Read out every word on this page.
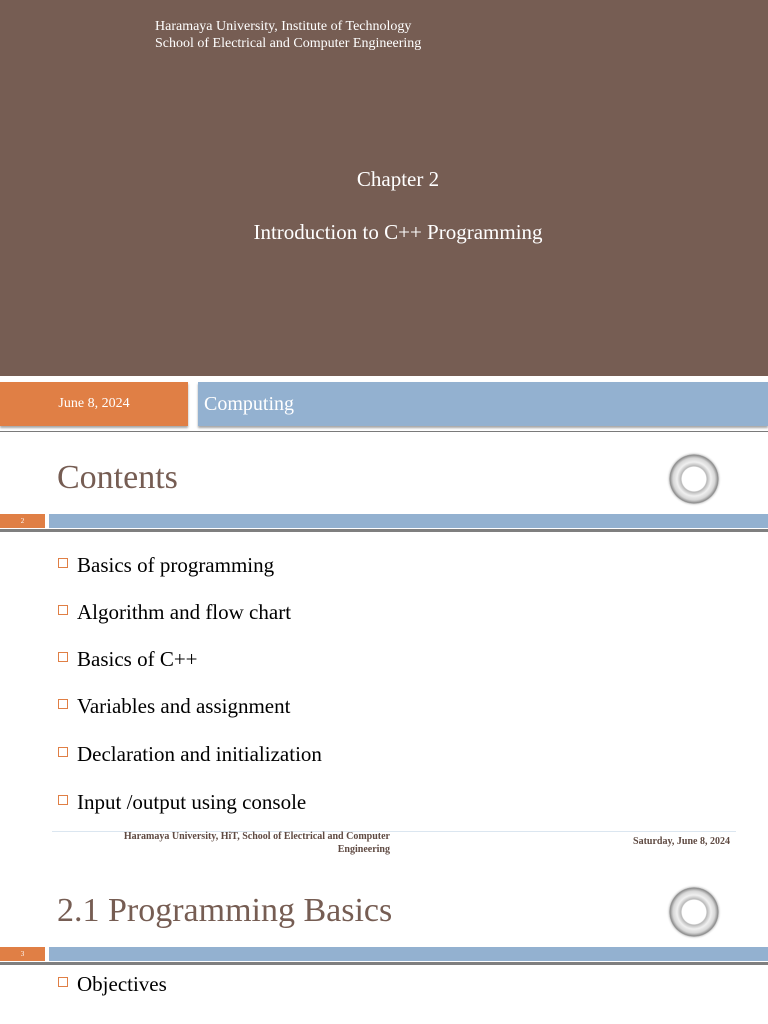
Haramaya University, Institute of Technology
School of Electrical and Computer Engineering
Chapter 2
Introduction to C++ Programming
June 8, 2024	Computing
Contents
2
Basics of programming
Algorithm and flow chart
Basics of C++
Variables and assignment
Declaration and initialization
Input /output using console
Haramaya University, HiT, School of Electrical and Computer
Engineering
Saturday, June 8, 2024
2.1 Programming Basics
3
Objectives
